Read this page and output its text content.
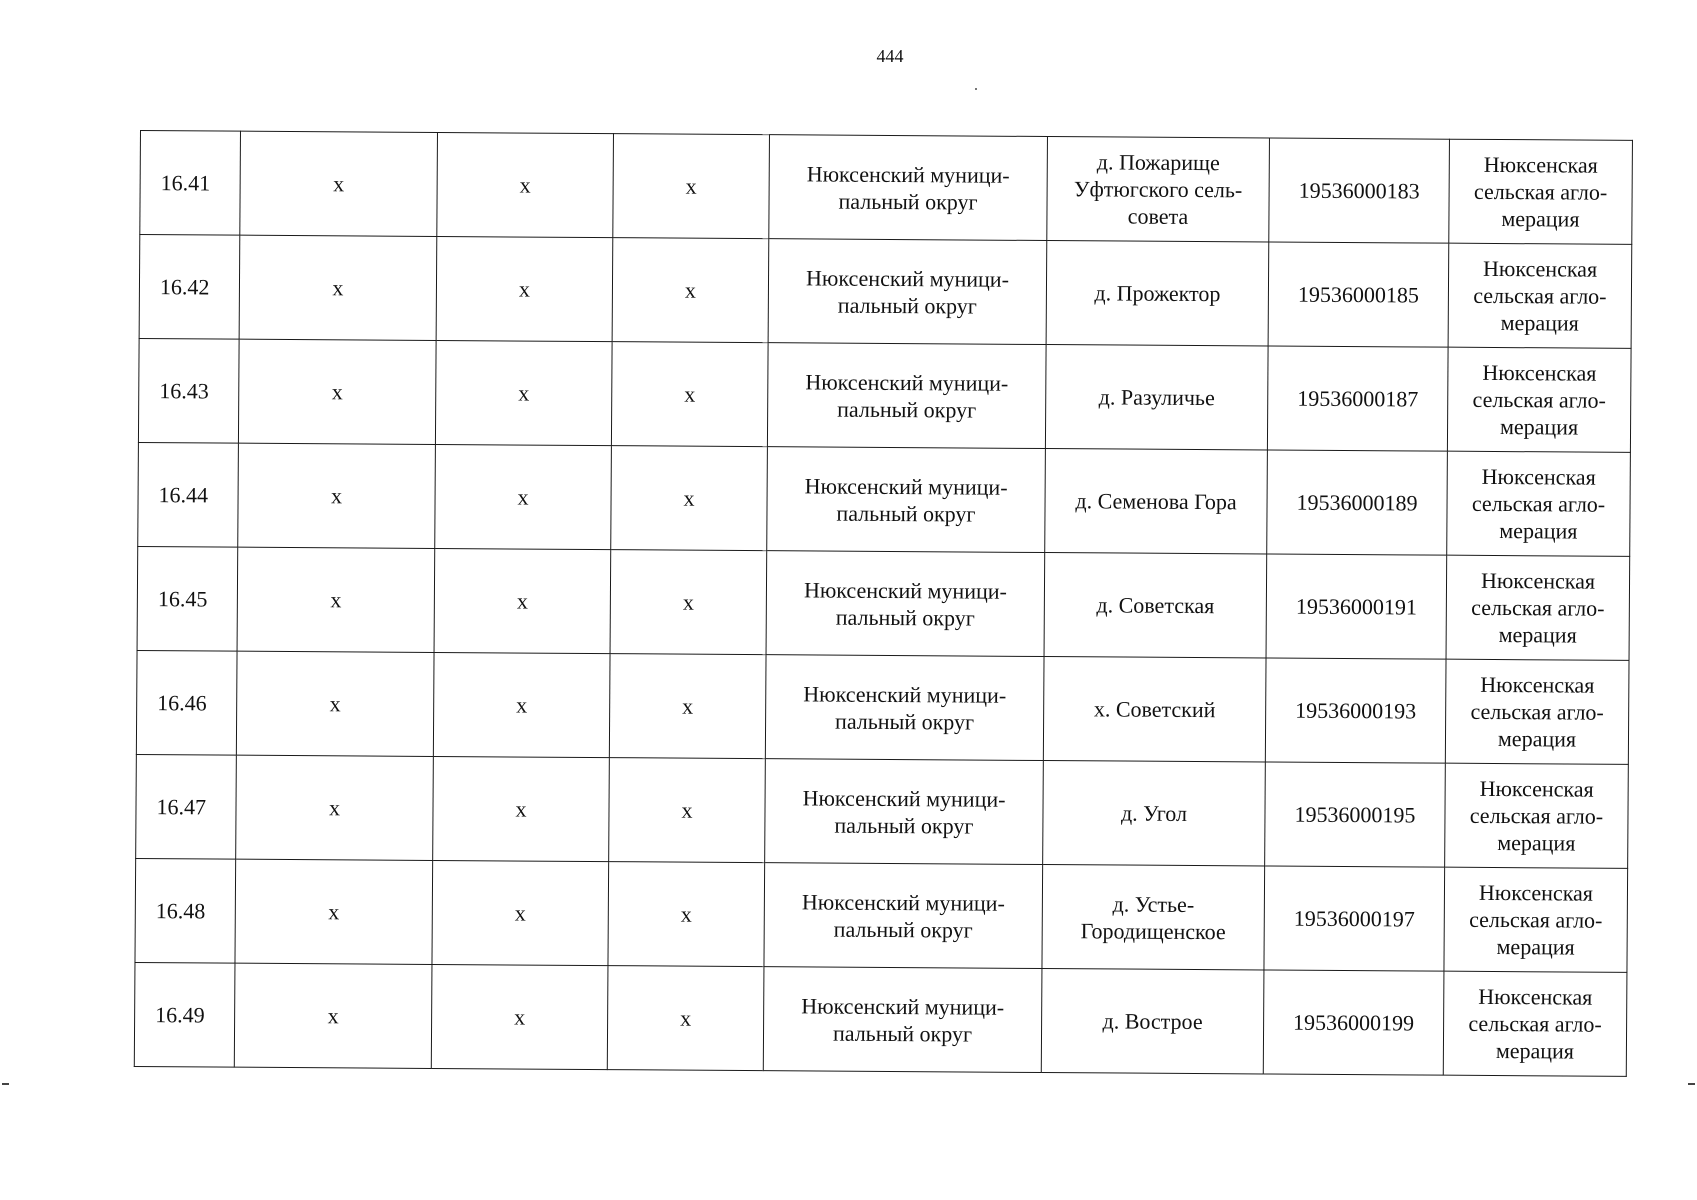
444
16.41	х	х	х	Нюксенский муници-пальный округ	д. Пожарище Уфтюгского сель-совета	19536000183	Нюксенская сельская агло-мерация
16.42	х	х	х	Нюксенский муници-пальный округ	д. Прожектор	19536000185	Нюксенская сельская агло-мерация
16.43	х	х	х	Нюксенский муници-пальный округ	д. Разуличье	19536000187	Нюксенская сельская агло-мерация
16.44	х	х	х	Нюксенский муници-пальный округ	д. Семенова Гора	19536000189	Нюксенская сельская агло-мерация
16.45	х	х	х	Нюксенский муници-пальный округ	д. Советская	19536000191	Нюксенская сельская агло-мерация
16.46	х	х	х	Нюксенский муници-пальный округ	х. Советский	19536000193	Нюксенская сельская агло-мерация
16.47	х	х	х	Нюксенский муници-пальный округ	д. Угол	19536000195	Нюксенская сельская агло-мерация
16.48	х	х	х	Нюксенский муници-пальный округ	д. Устье-Городищенское	19536000197	Нюксенская сельская агло-мерация
16.49	х	х	х	Нюксенский муници-пальный округ	д. Вострое	19536000199	Нюксенская сельская агло-мерация
